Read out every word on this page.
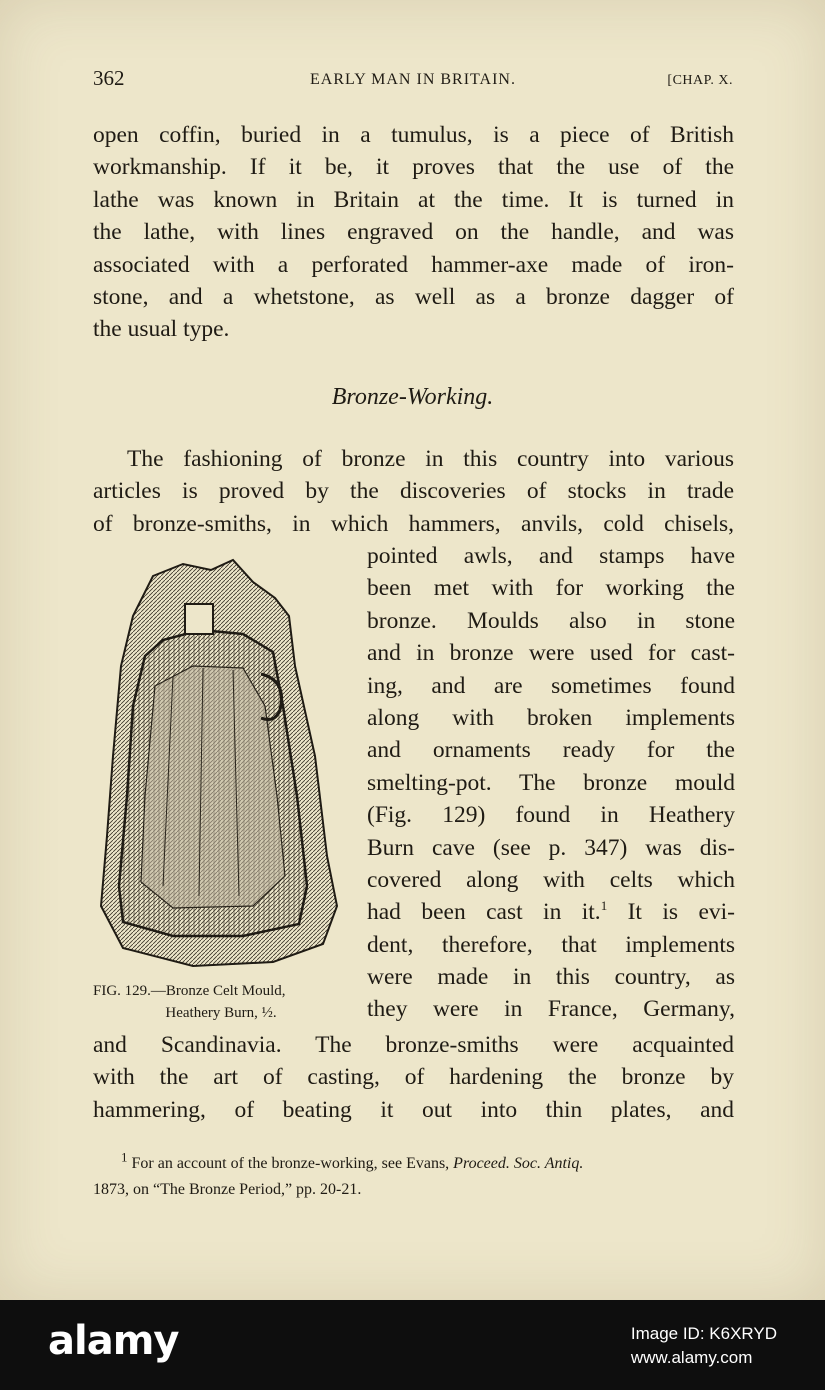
362	EARLY MAN IN BRITAIN.	[CHAP. X.
open coffin, buried in a tumulus, is a piece of British
workmanship. If it be, it proves that the use of the
lathe was known in Britain at the time. It is turned in
the lathe, with lines engraved on the handle, and was
associated with a perforated hammer-axe made of iron-
stone, and a whetstone, as well as a bronze dagger of
the usual type.
Bronze-Working.
The fashioning of bronze in this country into various
articles is proved by the discoveries of stocks in trade
of bronze-smiths, in which hammers, anvils, cold chisels,
pointed awls, and stamps have
been met with for working the
bronze. Moulds also in stone
and in bronze were used for cast-
ing, and are sometimes found
along with broken implements
and ornaments ready for the
smelting-pot. The bronze mould
(Fig. 129) found in Heathery
Burn cave (see p. 347) was dis-
covered along with celts which
had been cast in it.$^1$ It is evi-
dent, therefore, that implements
were made in this country, as
they were in France, Germany,
FIG. 129.—Bronze Celt Mould,
Heathery Burn, ½.
and Scandinavia. The bronze-smiths were acquainted
with the art of casting, of hardening the bronze by
hammering, of beating it out into thin plates, and
$^1$ For an account of the bronze-working, see Evans, Proceed. Soc. Antiq.
1873, on “The Bronze Period,” pp. 20-21.
alamy	Image ID: K6XRYD
www.alamy.com
